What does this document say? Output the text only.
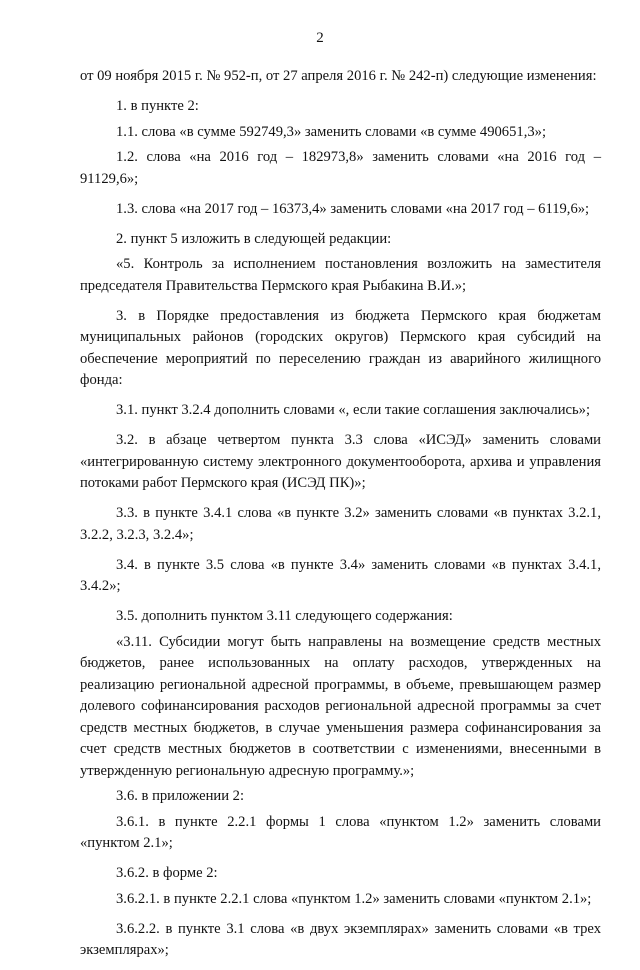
2

от 09 ноября 2015 г. № 952-п, от 27 апреля 2016 г. № 242-п) следующие изменения:

1. в пункте 2:

1.1. слова «в сумме 592749,3» заменить словами «в сумме 490651,3»;

1.2. слова «на 2016 год – 182973,8» заменить словами «на 2016 год – 91129,6»;

1.3. слова «на 2017 год – 16373,4» заменить словами «на 2017 год – 6119,6»;

2. пункт 5 изложить в следующей редакции:

«5. Контроль за исполнением постановления возложить на заместителя председателя Правительства Пермского края Рыбакина В.И.»;

3. в Порядке предоставления из бюджета Пермского края бюджетам муниципальных районов (городских округов) Пермского края субсидий на обеспечение мероприятий по переселению граждан из аварийного жилищного фонда:

3.1. пункт 3.2.4 дополнить словами «, если такие соглашения заключались»;

3.2. в абзаце четвертом пункта 3.3 слова «ИСЭД» заменить словами «интегрированную систему электронного документооборота, архива и управления потоками работ Пермского края (ИСЭД ПК)»;

3.3. в пункте 3.4.1 слова «в пункте 3.2» заменить словами «в пунктах 3.2.1, 3.2.2, 3.2.3, 3.2.4»;

3.4. в пункте 3.5 слова «в пункте 3.4» заменить словами «в пунктах 3.4.1, 3.4.2»;

3.5. дополнить пунктом 3.11 следующего содержания:

«3.11. Субсидии могут быть направлены на возмещение средств местных бюджетов, ранее использованных на оплату расходов, утвержденных на реализацию региональной адресной программы, в объеме, превышающем размер долевого софинансирования расходов региональной адресной программы за счет средств местных бюджетов, в случае уменьшения размера софинансирования за счет средств местных бюджетов в соответствии с изменениями, внесенными в утвержденную региональную адресную программу.»;

3.6. в приложении 2:

3.6.1. в пункте 2.2.1 формы 1 слова «пунктом 1.2» заменить словами «пунктом 2.1»;

3.6.2. в форме 2:

3.6.2.1. в пункте 2.2.1 слова «пунктом 1.2» заменить словами «пунктом 2.1»;

3.6.2.2. в пункте 3.1 слова «в двух экземплярах» заменить словами «в трех экземплярах»;
